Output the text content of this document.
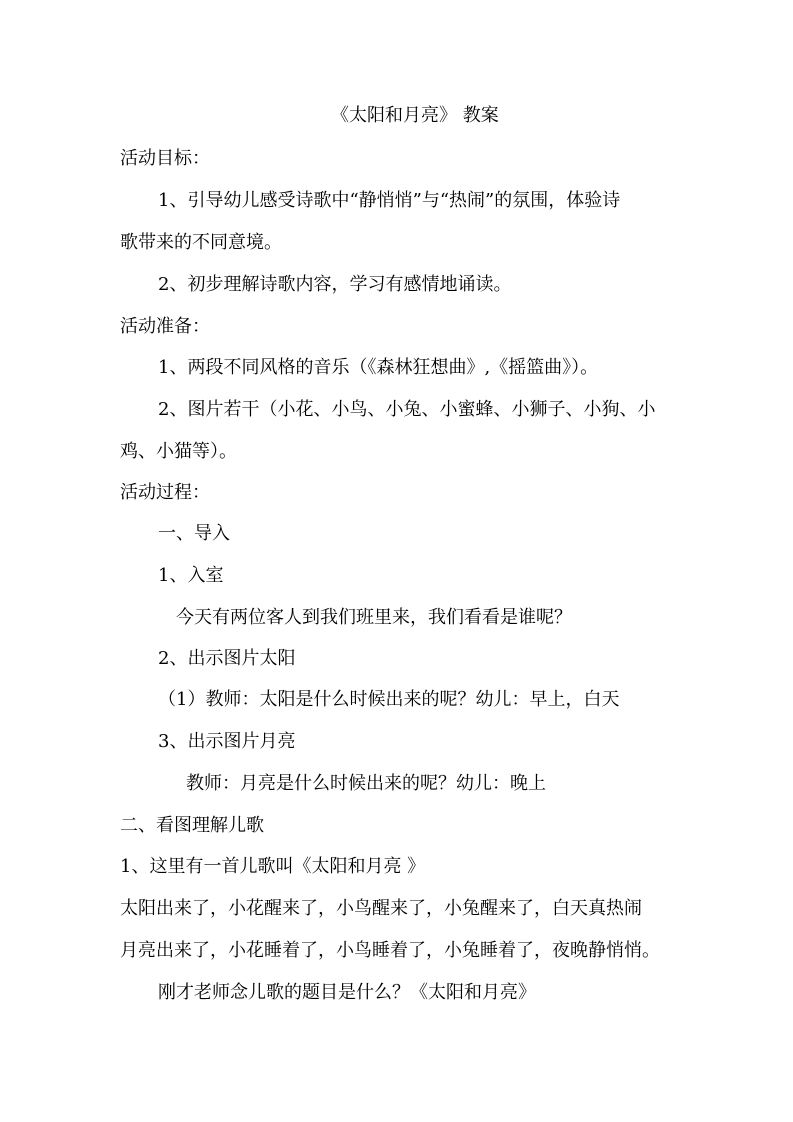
《太阳和月亮》 教案

活动目标：

1、引导幼儿感受诗歌中“静悄悄”与“热闹”的氛围，体验诗

歌带来的不同意境。

2、初步理解诗歌内容，学习有感情地诵读。

活动准备：

1、两段不同风格的音乐（《森林狂想曲》,《摇篮曲》）。

2、图片若干（小花、小鸟、小兔、小蜜蜂、小狮子、小狗、小

鸡、小猫等）。

活动过程：

一、导入

1、入室

今天有两位客人到我们班里来，我们看看是谁呢？

2、出示图片太阳

（1）教师：太阳是什么时候出来的呢？幼儿：早上，白天

3、出示图片月亮

教师：月亮是什么时候出来的呢？幼儿：晚上

二、看图理解儿歌

1、这里有一首儿歌叫《太阳和月亮 》

太阳出来了，小花醒来了，小鸟醒来了，小兔醒来了，白天真热闹

月亮出来了，小花睡着了，小鸟睡着了，小兔睡着了，夜晚静悄悄。

刚才老师念儿歌的题目是什么？《太阳和月亮》
